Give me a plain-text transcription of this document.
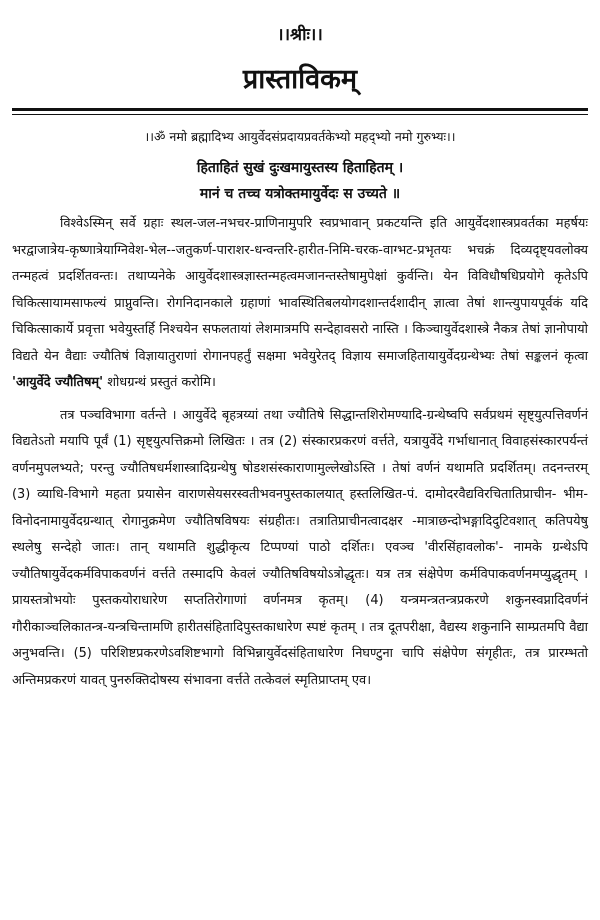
।।श्रीः।।
प्रास्ताविकम्
।।ॐ नमो ब्रह्मादिभ्य आयुर्वेदसंप्रदायप्रवर्तकेभ्यो महद्भ्यो नमो गुरुभ्यः।।
हिताहितं सुखं दुःखमायुस्तस्य हिताहितम् ।
मानं च तच्च यत्रोक्तमायुर्वेदः स उच्यते ॥

विश्वेऽस्मिन् सर्वे ग्रहाः स्थल-जल-नभचर-प्राणिनामुपरि स्वप्रभावान् प्रकटयन्ति इति आयुर्वेदशास्त्रप्रवर्तका महर्षयः भरद्वाजात्रेय-कृष्णात्रेयाग्निवेश-भेल--जतुकर्ण-पाराशर-धन्वन्तरि-हारीत-निमि-चरक-वाग्भट-प्रभृतयः भचक्रं दिव्यदृष्ट्यवलोक्य तन्महत्वं प्रदर्शितवन्तः। तथाप्यनेके आयुर्वेदशास्त्रज्ञास्तन्महत्वमजानन्तस्तेषामुपेक्षां कुर्वन्ति। येन विविधौषधिप्रयोगे कृतेऽपि चिकित्सायामसाफल्यं प्राप्नुवन्ति। रोगनिदानकाले ग्रहाणां भावस्थितिबलयोगदशान्तर्दशादीन् ज्ञात्वा तेषां शान्त्युपायपूर्वकं यदि चिकित्साकार्ये प्रवृत्ता भवेयुस्तर्हि निश्चयेन सफलतायां लेशमात्रमपि सन्देहावसरो नास्ति । किञ्चायुर्वेदशास्त्रे नैकत्र तेषां ज्ञानोपायो विद्यते येन वैद्याः ज्यौतिषं विज्ञायातुराणां रोगानपहर्तुं सक्षमा भवेयुरेतद् विज्ञाय समाजहितायायुर्वेदग्रन्थेभ्यः तेषां सङ्कलनं कृत्वा 'आयुर्वेदे ज्यौतिषम्' शोधग्रन्थं प्रस्तुतं करोमि।

तत्र पञ्चविभागा वर्तन्ते । आयुर्वेदे बृहत्रय्यां तथा ज्यौतिषे सिद्धान्तशिरोमण्यादि-ग्रन्थेष्वपि सर्वप्रथमं सृष्ट्युत्पत्तिवर्णनं विद्यतेऽतो मयापि पूर्वं (1) सृष्ट्युत्पत्तिक्रमो लिखितः । तत्र (2) संस्कारप्रकरणं वर्त्तते, यत्रायुर्वेदे गर्भाधानात् विवाहसंस्कारपर्यन्तं वर्णनमुपलभ्यते; परन्तु ज्यौतिषधर्मशास्त्रादिग्रन्थेषु षोडशसंस्काराणामुल्लेखोऽस्ति । तेषां वर्णनं यथामति प्रदर्शितम्। तदनन्तरम् (3) व्याधि-विभागे महता प्रयासेन वाराणसेयसरस्वतीभवनपुस्तकालयात् हस्तलिखित-पं. दामोदरवैद्यविरचितातिप्राचीन- भीम- विनोदनामायुर्वेदग्रन्थात् रोगानुक्रमेण ज्यौतिषविषयः संग्रहीतः। तत्रातिप्राचीनत्वादक्षर -मात्राछन्दोभङ्गादिदुटिवशात् कतिपयेषु स्थलेषु सन्देहो जातः। तान् यथामति शुद्धीकृत्य टिप्पण्यां पाठो दर्शितः। एवञ्च 'वीरसिंहावलोक'- नामके ग्रन्थेऽपि ज्यौतिषायुर्वेदकर्मविपाकवर्णनं वर्त्तते तस्मादपि केवलं ज्यौतिषविषयोऽत्रोद्धृतः। यत्र तत्र संक्षेपेण कर्मविपाकवर्णनमप्युद्धृतम् । प्रायस्तत्रोभयोः पुस्तकयोराधारेण सप्ततिरोगाणां वर्णनमत्र कृतम्। (4) यन्त्रमन्त्रतन्त्रप्रकरणे शकुनस्वप्नादिवर्णनं गौरीकाञ्चलिकातन्त्र-यन्त्रचिन्तामणि हारीतसंहितादिपुस्तकाधारेण स्पष्टं कृतम् । तत्र दूतपरीक्षा, वैद्यस्य शकुनानि साम्प्रतमपि वैद्या अनुभवन्ति। (5) परिशिष्टप्रकरणेऽवशिष्टभागो विभिन्नायुर्वेदसंहिताधारेण निघण्टुना चापि संक्षेपेण संगृहीतः, तत्र प्रारम्भतो अन्तिमप्रकरणं यावत् पुनरुक्तिदोषस्य संभावना वर्त्तते तत्केवलं स्मृतिप्राप्तम् एव।
